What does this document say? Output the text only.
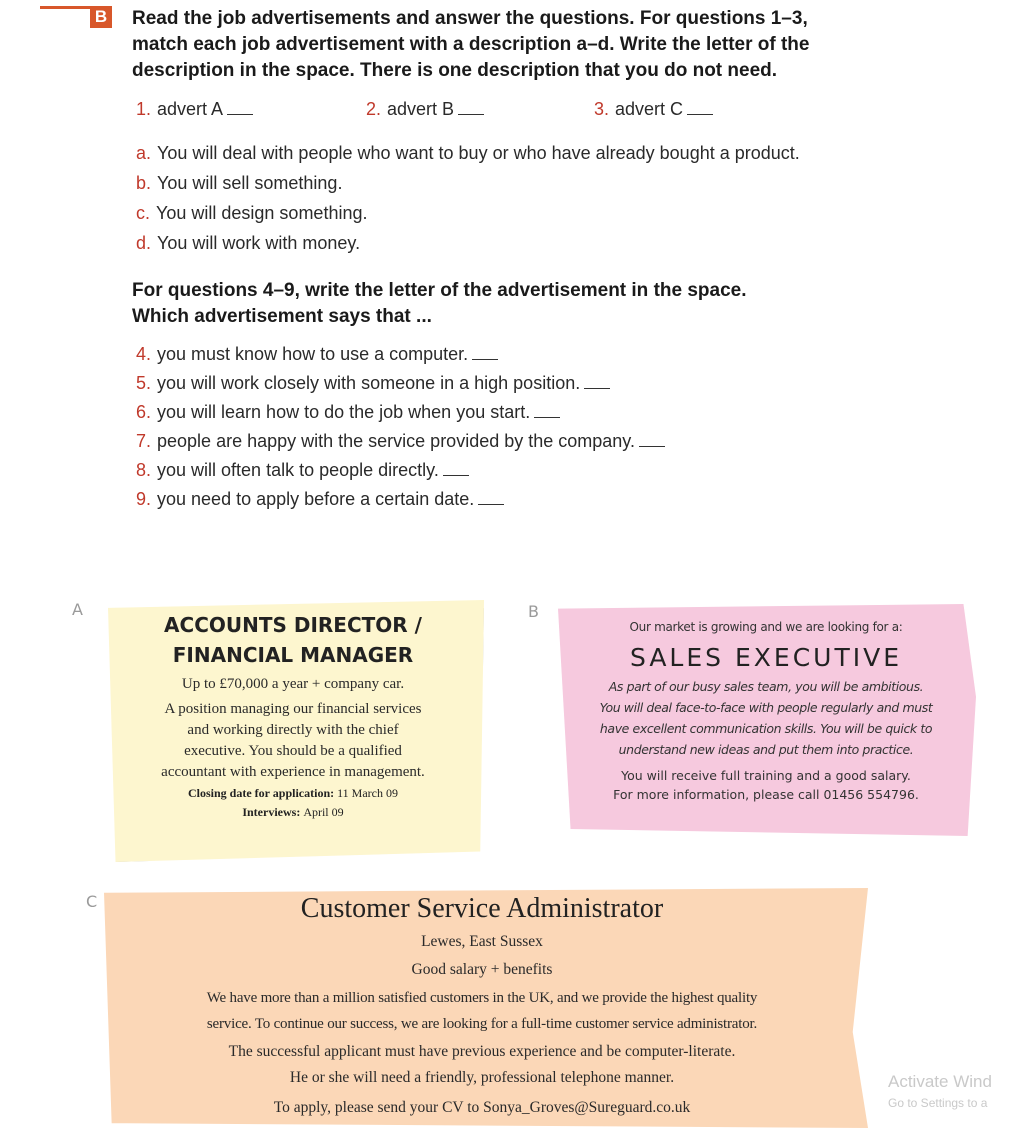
B Read the job advertisements and answer the questions. For questions 1–3,
match each job advertisement with a description a–d. Write the letter of the
description in the space. There is one description that you do not need.
1. advert A	2. advert B	3. advert C
a. You will deal with people who want to buy or who have already bought a product.
b. You will sell something.
c. You will design something.
d. You will work with money.
For questions 4–9, write the letter of the advertisement in the space.
Which advertisement says that ...
4. you must know how to use a computer.
5. you will work closely with someone in a high position.
6. you will learn how to do the job when you start.
7. people are happy with the service provided by the company.
8. you will often talk to people directly.
9. you need to apply before a certain date.
A
ACCOUNTS DIRECTOR /
FINANCIAL MANAGER
Up to £70,000 a year + company car.
A position managing our financial services
and working directly with the chief
executive. You should be a qualified
accountant with experience in management.
Closing date for application: 11 March 09
Interviews: April 09
B
Our market is growing and we are looking for a:
SALES EXECUTIVE
As part of our busy sales team, you will be ambitious.
You will deal face-to-face with people regularly and must
have excellent communication skills. You will be quick to
understand new ideas and put them into practice.
You will receive full training and a good salary.
For more information, please call 01456 554796.
C	Customer Service Administrator
Lewes, East Sussex
Good salary + benefits
We have more than a million satisfied customers in the UK, and we provide the highest quality
service. To continue our success, we are looking for a full-time customer service administrator.
The successful applicant must have previous experience and be computer-literate.
He or she will need a friendly, professional telephone manner.
To apply, please send your CV to Sonya_Groves@Sureguard.co.uk
Activate Wind
Go to Settings to a
